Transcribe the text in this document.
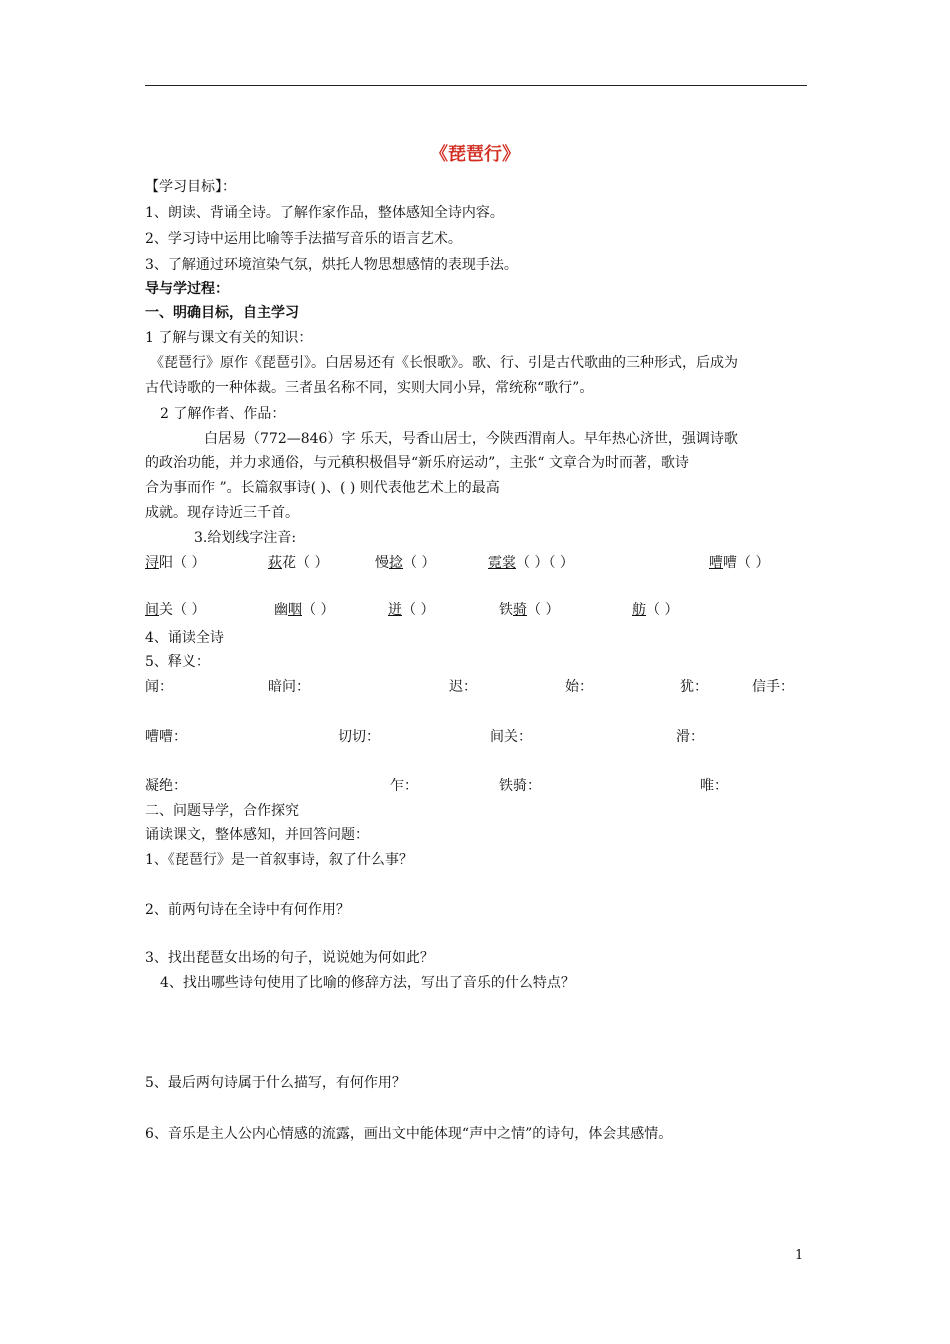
《琵琶行》
【学习目标】：
1、朗读、背诵全诗。了解作家作品，整体感知全诗内容。
2、学习诗中运用比喻等手法描写音乐的语言艺术。
3、了解通过环境渲染气氛，烘托人物思想感情的表现手法。
导与学过程：
一、明确目标，自主学习
1 了解与课文有关的知识：
《琵琶行》原作《琵琶引》。白居易还有《长恨歌》。歌、行、引是古代歌曲的三种形式，后成为
古代诗歌的一种体裁。三者虽名称不同，实则大同小异，常统称“歌行”。
2 了解作者、作品：
白居易（772—846）字 乐天，号香山居士，今陕西渭南人。早年热心济世，强调诗歌
的政治功能，并力求通俗，与元稹积极倡导“新乐府运动”，主张“ 文章合为时而著，歌诗
合为事而作 ”。长篇叙事诗( )、( ) 则代表他艺术上的最高
成就。现存诗近三千首。
3.给划线字注音:
浔阳（ ）	荻花（ ）	慢捻（ ）	霓裳（ ）（ ）	嘈嘈（ ）
间关（ ）	幽咽（ ）	迸（ ）	铁骑（ ）	舫（ ）
4、诵读全诗
5、释义：
闻：	暗问：	迟：	始：	犹：	信手：
嘈嘈：	切切：	间关：	滑：
凝绝：	乍：	铁骑：	唯：
二、问题导学，合作探究
诵读课文，整体感知，并回答问题：
1、《琵琶行》是一首叙事诗，叙了什么事？
2、前两句诗在全诗中有何作用？
3、找出琵琶女出场的句子，说说她为何如此？
4、找出哪些诗句使用了比喻的修辞方法，写出了音乐的什么特点？
5、最后两句诗属于什么描写，有何作用？
6、音乐是主人公内心情感的流露，画出文中能体现“声中之情”的诗句，体会其感情。
1
